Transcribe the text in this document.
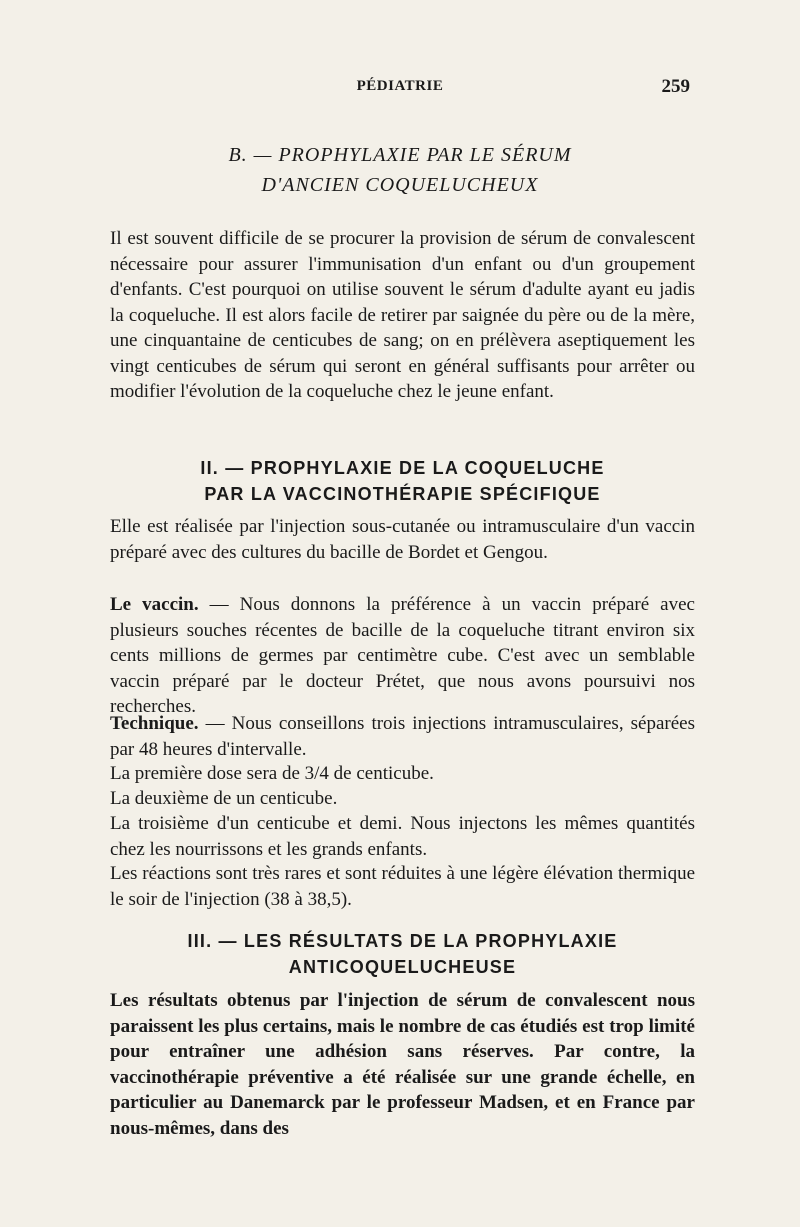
PÉDIATRIE	259
B. — PROPHYLAXIE PAR LE SÉRUM
D'ANCIEN COQUELUCHEUX
Il est souvent difficile de se procurer la provision de sérum de convalescent nécessaire pour assurer l'immunisation d'un enfant ou d'un groupement d'enfants. C'est pourquoi on utilise souvent le sérum d'adulte ayant eu jadis la coqueluche. Il est alors facile de retirer par saignée du père ou de la mère, une cinquantaine de centicubes de sang; on en prélèvera aseptiquement les vingt centicubes de sérum qui seront en général suffisants pour arrêter ou modifier l'évolution de la coqueluche chez le jeune enfant.
II. — PROPHYLAXIE DE LA COQUELUCHE
PAR LA VACCINOTHÉRAPIE SPÉCIFIQUE
Elle est réalisée par l'injection sous-cutanée ou intramusculaire d'un vaccin préparé avec des cultures du bacille de Bordet et Gengou.
Le vaccin. — Nous donnons la préférence à un vaccin préparé avec plusieurs souches récentes de bacille de la coqueluche titrant environ six cents millions de germes par centimètre cube. C'est avec un semblable vaccin préparé par le docteur Prétet, que nous avons poursuivi nos recherches.
Technique. — Nous conseillons trois injections intramusculaires, séparées par 48 heures d'intervalle.
La première dose sera de 3/4 de centicube.
La deuxième de un centicube.
La troisième d'un centicube et demi. Nous injectons les mêmes quantités chez les nourrissons et les grands enfants.
Les réactions sont très rares et sont réduites à une légère élévation thermique le soir de l'injection (38 à 38,5).
III. — LES RÉSULTATS DE LA PROPHYLAXIE
ANTICOQUELUCHEUSE
Les résultats obtenus par l'injection de sérum de convalescent nous paraissent les plus certains, mais le nombre de cas étudiés est trop limité pour entraîner une adhésion sans réserves. Par contre, la vaccinothérapie préventive a été réalisée sur une grande échelle, en particulier au Danemarck par le professeur Madsen, et en France par nous-mêmes, dans des
